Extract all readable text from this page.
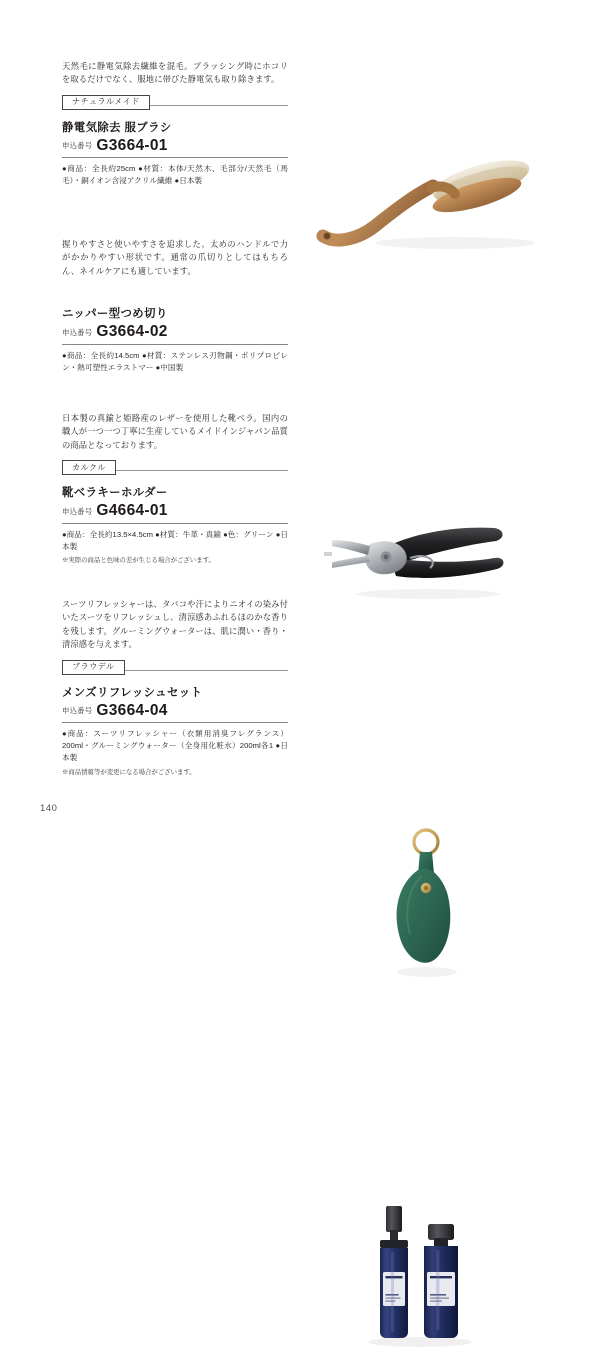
天然毛に静電気除去繊維を混毛。ブラッシング時にホコリを取るだけでなく、服地に帯びた静電気も取り除きます。

ナチュラルメイド
静電気除去 服ブラシ
申込番号 G3664-01

●商品：全長約25cm ●材質：本体/天然木、毛部分/天然毛（馬毛）・銅イオン含浸アクリル繊維 ●日本製

握りやすさと使いやすさを追求した、太めのハンドルで力がかかりやすい形状です。通常の爪切りとしてはもちろん、ネイルケアにも適しています。

ニッパー型つめ切り
申込番号 G3664-02

●商品：全長約14.5cm ●材質：ステンレス刃物鋼・ポリプロピレン・熱可塑性エラストマー ●中国製

日本製の真鍮と姫路産のレザーを使用した靴ベラ。国内の職人が一つ一つ丁寧に生産しているメイドインジャパン品質の商品となっております。

カルクル
靴ベラキーホルダー
申込番号 G4664-01

●商品：全長約13.5×4.5cm ●材質：牛革・真鍮 ●色：グリーン ●日本製

※実際の商品と色味の差が生じる場合がございます。

スーツリフレッシャーは、タバコや汗によりニオイの染み付いたスーツをリフレッシュし、清涼感あふれるほのかな香りを残します。グルーミングウォーターは、肌に潤い・香り・清涼感を与えます。

ブラウデル
メンズリフレッシュセット
申込番号 G3664-04

●商品：スーツリフレッシャー（衣類用消臭フレグランス）200ml・グルーミングウォーター（全身用化粧水）200ml各1 ●日本製

※商品情報等が変更になる場合がございます。

140
